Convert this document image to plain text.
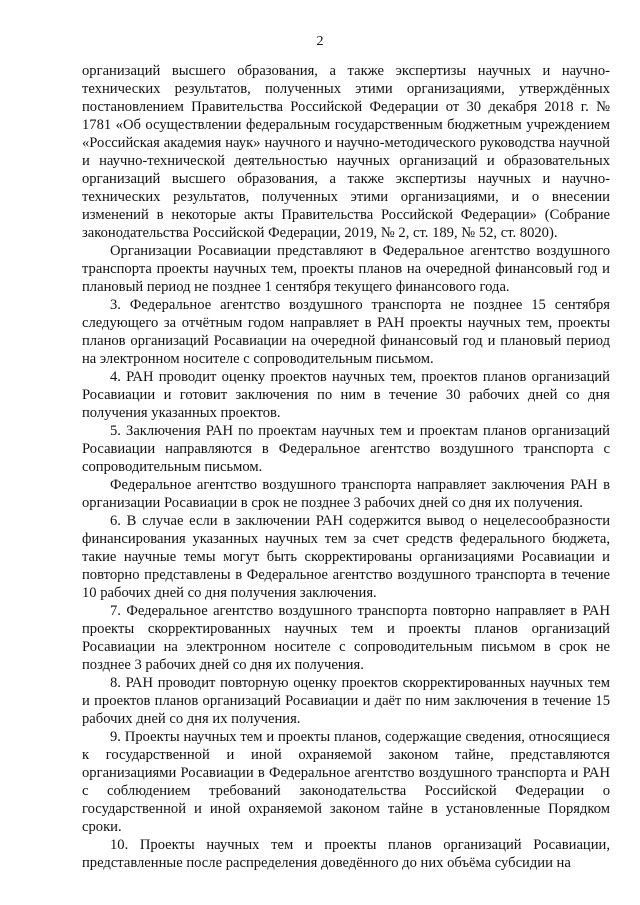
2

организаций высшего образования, а также экспертизы научных и научно-технических результатов, полученных этими организациями, утверждённых постановлением Правительства Российской Федерации от 30 декабря 2018 г. № 1781 «Об осуществлении федеральным государственным бюджетным учреждением «Российская академия наук» научного и научно-методического руководства научной и научно-технической деятельностью научных организаций и образовательных организаций высшего образования, а также экспертизы научных и научно-технических результатов, полученных этими организациями, и о внесении изменений в некоторые акты Правительства Российской Федерации» (Собрание законодательства Российской Федерации, 2019, № 2, ст. 189, № 52, ст. 8020).

Организации Росавиации представляют в Федеральное агентство воздушного транспорта проекты научных тем, проекты планов на очередной финансовый год и плановый период не позднее 1 сентября текущего финансового года.

3. Федеральное агентство воздушного транспорта не позднее 15 сентября следующего за отчётным годом направляет в РАН проекты научных тем, проекты планов организаций Росавиации на очередной финансовый год и плановый период на электронном носителе с сопроводительным письмом.

4. РАН проводит оценку проектов научных тем, проектов планов организаций Росавиации и готовит заключения по ним в течение 30 рабочих дней со дня получения указанных проектов.

5. Заключения РАН по проектам научных тем и проектам планов организаций Росавиации направляются в Федеральное агентство воздушного транспорта с сопроводительным письмом.

Федеральное агентство воздушного транспорта направляет заключения РАН в организации Росавиации в срок не позднее 3 рабочих дней со дня их получения.

6. В случае если в заключении РАН содержится вывод о нецелесообразности финансирования указанных научных тем за счет средств федерального бюджета, такие научные темы могут быть скорректированы организациями Росавиации и повторно представлены в Федеральное агентство воздушного транспорта в течение 10 рабочих дней со дня получения заключения.

7. Федеральное агентство воздушного транспорта повторно направляет в РАН проекты скорректированных научных тем и проекты планов организаций Росавиации на электронном носителе с сопроводительным письмом в срок не позднее 3 рабочих дней со дня их получения.

8. РАН проводит повторную оценку проектов скорректированных научных тем и проектов планов организаций Росавиации и даёт по ним заключения в течение 15 рабочих дней со дня их получения.

9. Проекты научных тем и проекты планов, содержащие сведения, относящиеся к государственной и иной охраняемой законом тайне, представляются организациями Росавиации в Федеральное агентство воздушного транспорта и РАН с соблюдением требований законодательства Российской Федерации о государственной и иной охраняемой законом тайне в установленные Порядком сроки.

10. Проекты научных тем и проекты планов организаций Росавиации, представленные после распределения доведённого до них объёма субсидии на
